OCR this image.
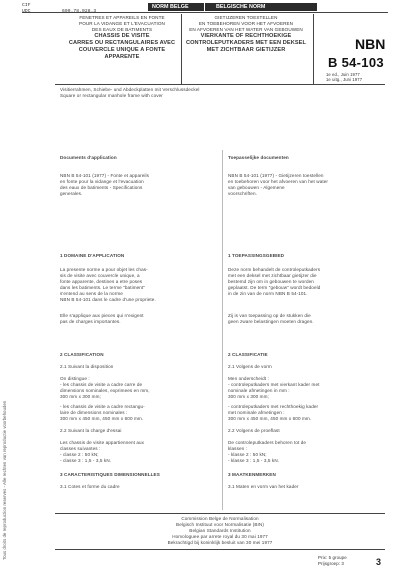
Tous droits de reproduction reserves - Alle rechten van reproductie voorbehouden
CIF	NORM BELGE	BELGISCHE NORM
FENETRES ET APPAREILS EN FONTE
POUR LA VIDANGE ET L'EVACUATION
DES EAUX DE BATIMENTS
CHASSIS DE VISITE
CARRES OU RECTANGULAIRES AVEC
COUVERCLE UNIQUE A FONTE APPARENTE
GIETIJZEREN TOESTELLEN
EN TOEBEHOREN VOOR HET AFVOEREN
EN AFVOEREN VAN HET WATER VAN GEBOUWEN
VIERKANTE OF RECHTHOEKIGE
CONTROLEPUTKADERS MET EEN DEKSEL
MET ZICHTBAAR GIETIJZER	NBN
B 54-103
1e ed., Juin 1977
1e uitg., Juni 1977
Visitierrahmen, Schiebe- und Abdeckplatten mit Verschlussdeckel
Square or rectangular manhole frame with cover
Documents d'application
NBN B 54-101 (1977) - Fonte et appareils
en fonte pour la vidange et l'evacuation
des eaux de batiments - Specifications
generales.
1 DOMAINE D'APPLICATION
La presente norme a pour objet les chas-
sis de visite avec couvercle unique, a
fonte apparente, destines a etre poses
dans les batiments. Le terme "batiment"
s'entend au sens de la norme
NBN B 54-101 dans le cadre d'une propriete.
Elle s'applique aux pieces qui n'exigent
pas de charges importantes.
2 CLASSIFICATION
2.1 Suivant la disposition
On distingue :
- les chassis de visite a cadre carre de
dimensions nominales, exprimees en mm,
300 mm x 300 mm;
- les chassis de visite a cadre rectangu-
laire de dimensions nominales :
300 mm x 450 mm, 450 mm x 600 mm.
2.2 Suivant la charge d'essai
Les chassis de visite appartiennent aux
classes suivantes :
- classe 2 : 50 kN;
- classe 3 : 1,5 - 3,5 kN.
3 CARACTERISTIQUES DIMENSIONNELLES
3.1 Cotes et forme du cadre
Toepasselijke documenten
NBN B 54-101 (1977) - Gietijzeren toestellen
en toebehoren voor het afvoeren van het water
van gebouwen - Algemene
voorschriften.
1 TOEPASSINGSGEBIED
Deze norm behandelt de controleputkaders
met een deksel met zichtbaar gietijzer die
bestemd zijn om in gebouwen te worden
geplaatst. De term "gebouw" wordt bedoeld
in de zin van de norm NBN B 54-101.
Zij is van toepassing op de stukken die
geen zware belastingen moeten dragen.
2 CLASSIFICATIE
2.1 Volgens de vorm
Men onderscheidt :
- controleputkaders met vierkant kader met
nominale afmetingen in mm :
300 mm x 300 mm;
- controleputkaders met rechthoekig kader
met nominale afmetingen :
300 mm x 450 mm, 450 mm x 600 mm.
2.2 Volgens de proeflast
De controleputkaders behoren tot de
klassen :
- klasse 2 : 50 kN;
- klasse 3 : 1,5 - 3,5 kN.
3 MAATKENMERKEN
3.1 Maten en vorm van het kader
Commission Belge de Normalisation
Belgisch Instituut voor Normalisatie (BIN)
Belgian Standards Institution
Homologuee par arrete royal du 30 mai 1977
Bekrachtigd bij koninklijk besluit van 30 mei 1977
Prix: 5 groupe
Prijsgroep: 3	3
